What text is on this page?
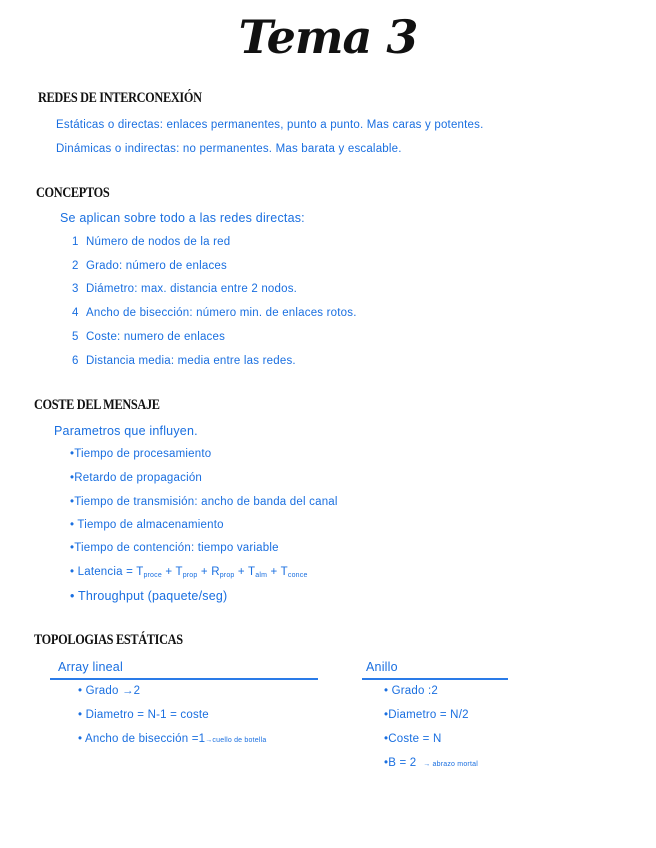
Tema 3
REDES DE INTERCONEXIÓN
Estáticas o directas: enlaces permanentes, punto a punto. Mas caras y potentes.
Dinámicas o indirectas: no permanentes. Mas barata y escalable.
CONCEPTOS
Se aplican sobre todo a las redes directas:
1 Número de nodos de la red
2 Grado: número de enlaces
3 Diámetro: max. distancia entre 2 nodos.
4 Ancho de bisección: número min. de enlaces rotos.
5 Coste: numero de enlaces
6 Distancia media: media entre las redes.
COSTE DEL MENSAJE
Parametros que influyen.
•Tiempo de procesamiento
•Retardo de propagación
•Tiempo de transmisión: ancho de banda del canal
• Tiempo de almacenamiento
•Tiempo de contención: tiempo variable
• Latencia = $T_{proce} + T_{prop} + R_{prop} + T_{alm} + T_{conce}$
• Throughput (paquete/seg)
TOPOLOGIAS ESTÁTICAS
Array lineal
• Grado →2
• Diametro = N-1 = coste
• Ancho de bisección =1→cuello de botella
Anillo
• Grado :2
•Diametro = N/2
•Coste = N
•B = 2 → abrazo mortal
